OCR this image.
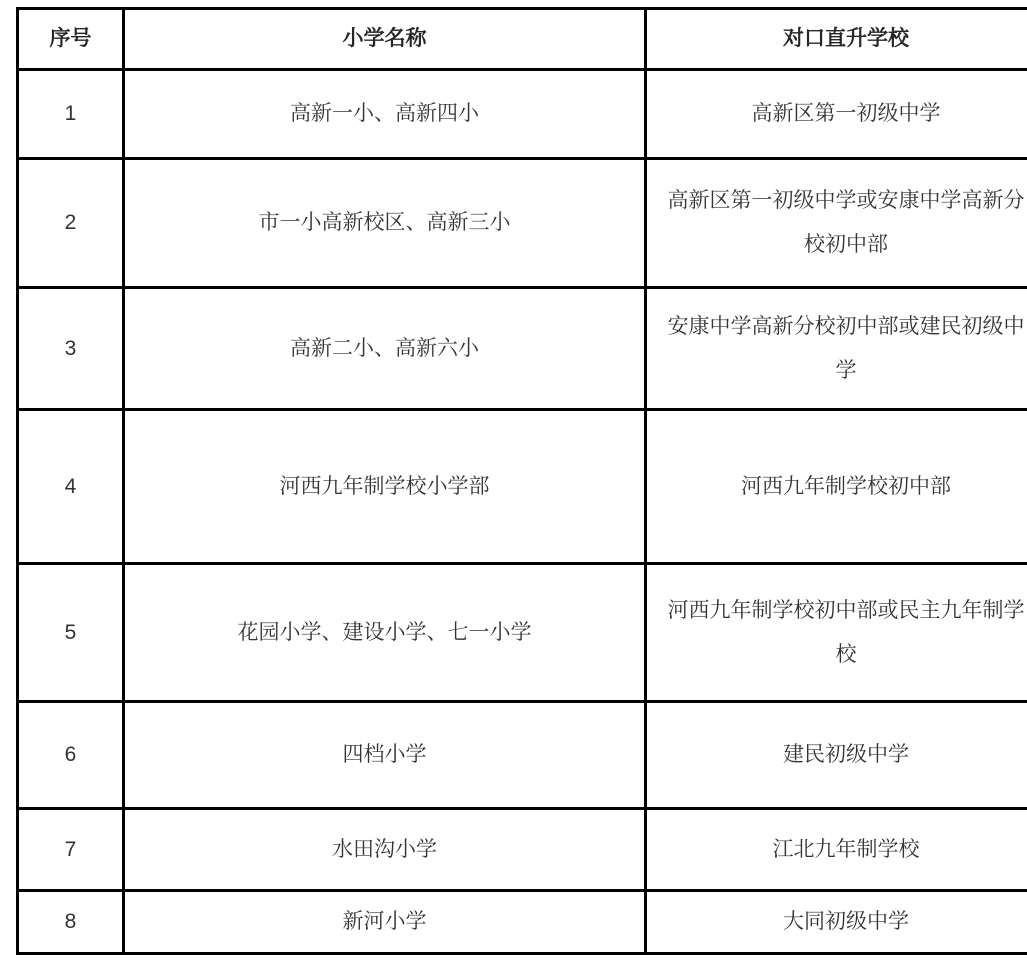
序号	小学名称	对口直升学校
1	高新一小、高新四小	高新区第一初级中学
2	市一小高新校区、高新三小	高新区第一初级中学或安康中学高新分校初中部
3	高新二小、高新六小	安康中学高新分校初中部或建民初级中学
4	河西九年制学校小学部	河西九年制学校初中部
5	花园小学、建设小学、七一小学	河西九年制学校初中部或民主九年制学校
6	四档小学	建民初级中学
7	水田沟小学	江北九年制学校
8	新河小学	大同初级中学
